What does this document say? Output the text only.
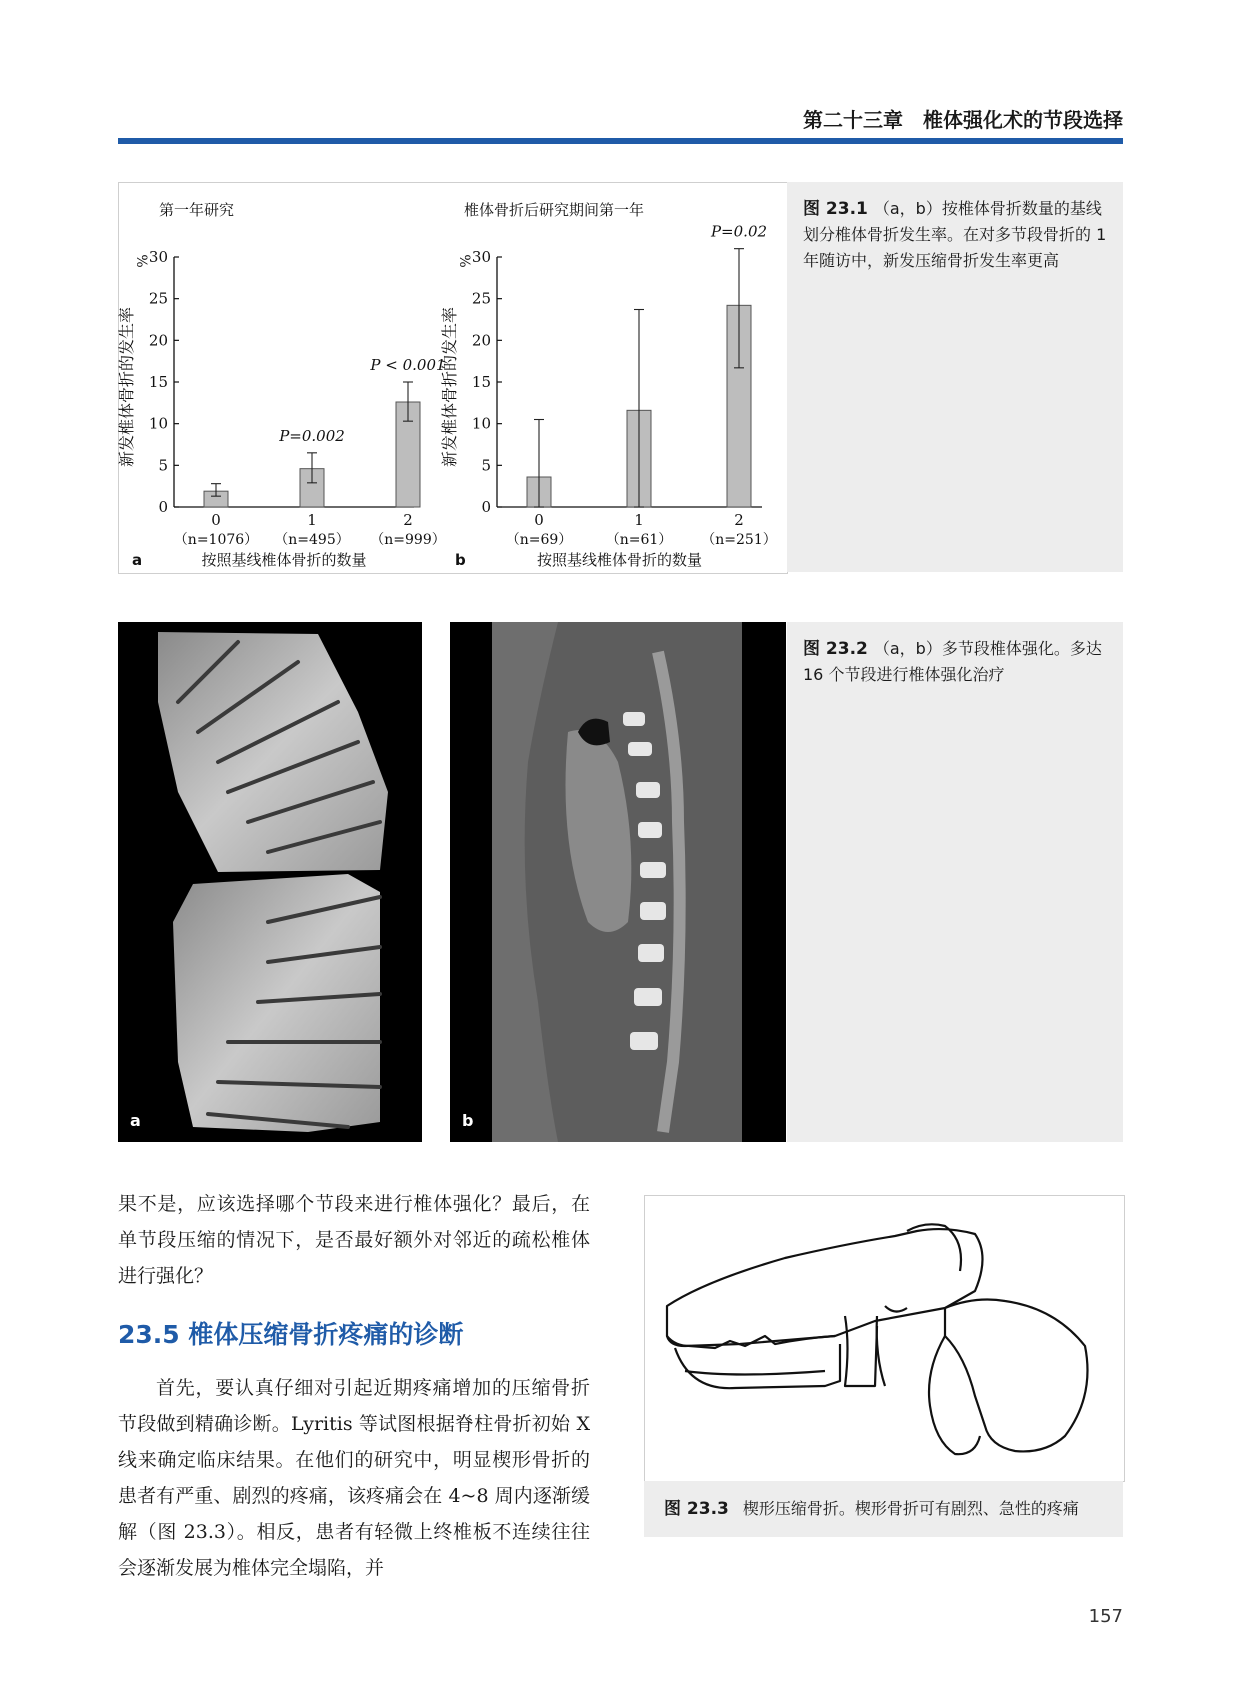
第二十三章　椎体强化术的节段选择
第一年研究
0
5
10
15
20
25
30
新发椎体骨折的发生率
%
0
（n=1076）
1
（n=495）
P=0.002
2
（n=999）
P < 0.001
a	按照基线椎体骨折的数量
椎体骨折后研究期间第一年
0
5
10
15
20
25
30
新发椎体骨折的发生率
%
0
（n=69）
1
（n=61）
2
（n=251）
P=0.02
b	按照基线椎体骨折的数量
图 23.1 （a，b）按椎体骨折数量的基线划分椎体骨折发生率。在对多节段骨折的 1 年随访中，新发压缩骨折发生率更高
a	b
图 23.2 （a，b）多节段椎体强化。多达 16 个节段进行椎体强化治疗
果不是，应该选择哪个节段来进行椎体强化？最后，在单节段压缩的情况下，是否最好额外对邻近的疏松椎体进行强化？
23.5 椎体压缩骨折疼痛的诊断
首先，要认真仔细对引起近期疼痛增加的压缩骨折节段做到精确诊断。Lyritis 等试图根据脊柱骨折初始 X 线来确定临床结果。在他们的研究中，明显楔形骨折的患者有严重、剧烈的疼痛，该疼痛会在 4~8 周内逐渐缓解（图 23.3）。相反，患者有轻微上终椎板不连续往往会逐渐发展为椎体完全塌陷，并
图 23.3 楔形压缩骨折。楔形骨折可有剧烈、急性的疼痛
157
